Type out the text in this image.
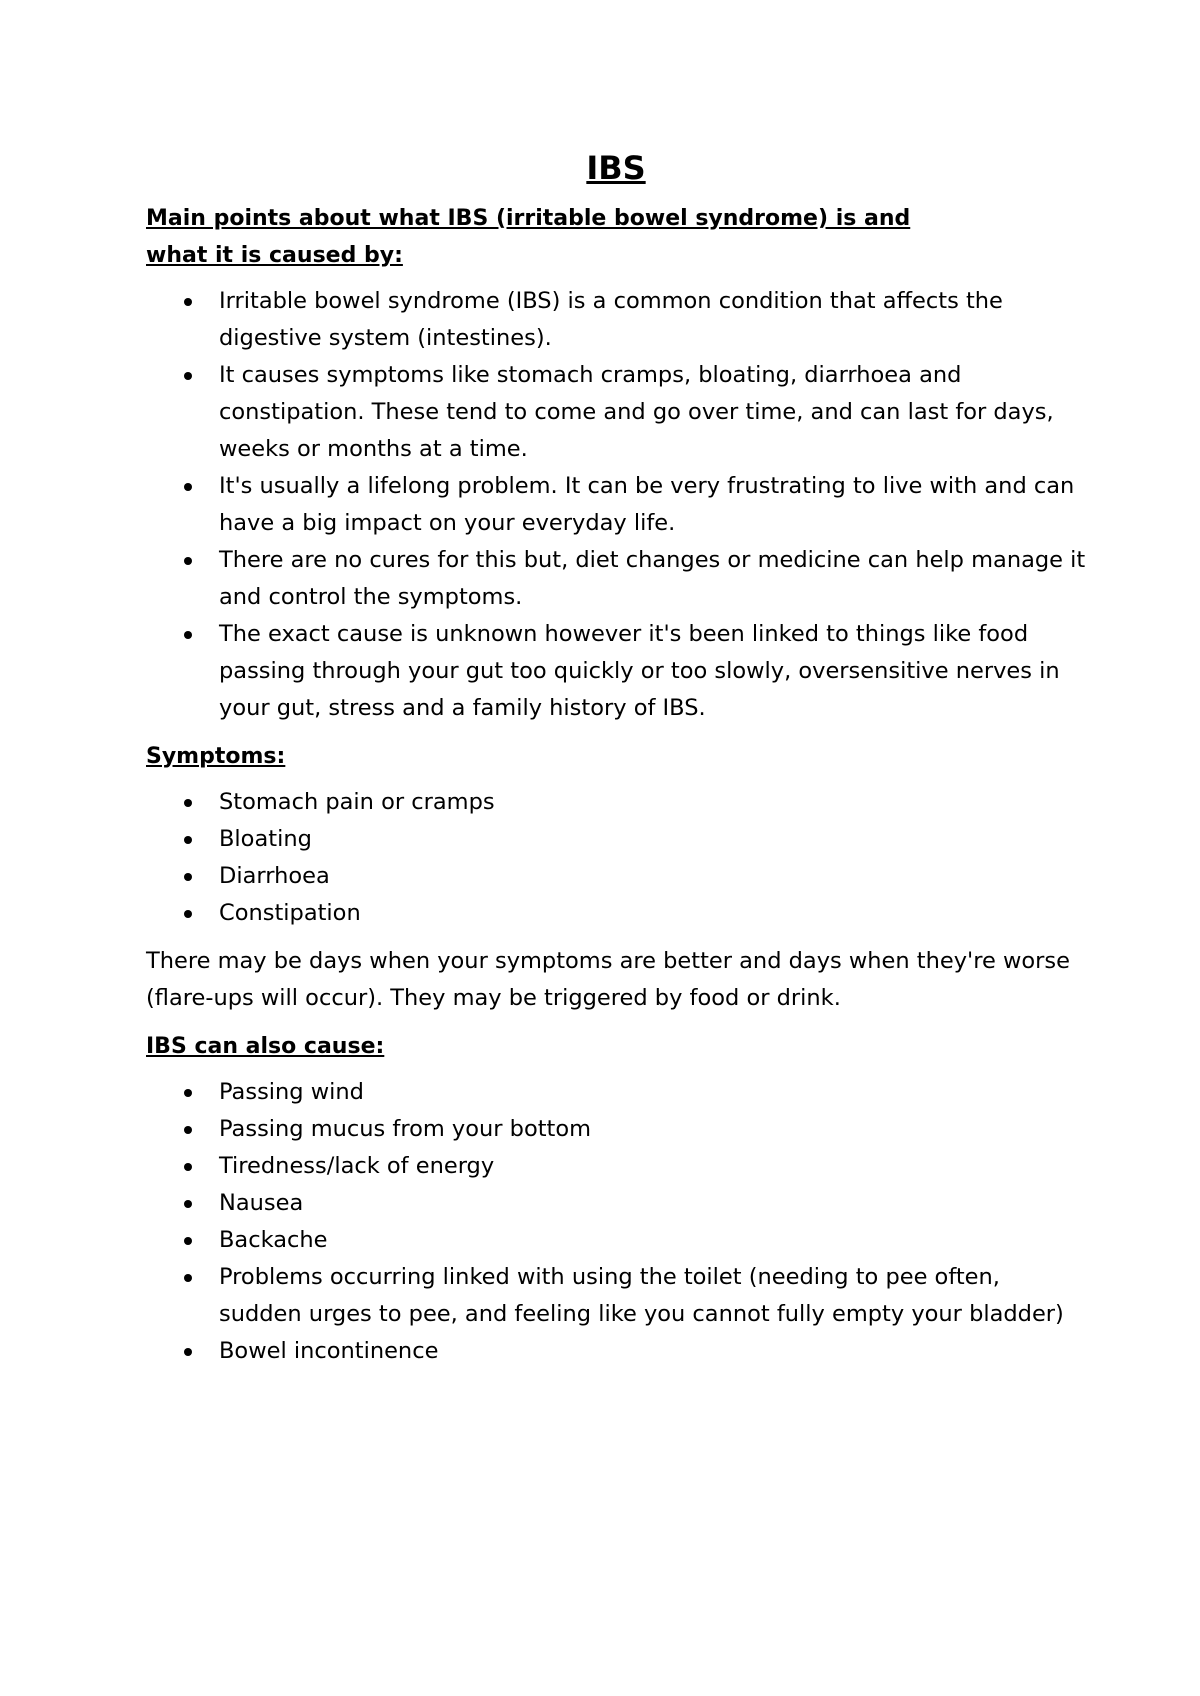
IBS

Main points about what IBS (irritable bowel syndrome) is and what it is caused by:

Irritable bowel syndrome (IBS) is a common condition that affects the digestive system (intestines).
It causes symptoms like stomach cramps, bloating, diarrhoea and constipation. These tend to come and go over time, and can last for days, weeks or months at a time.
It's usually a lifelong problem. It can be very frustrating to live with and can have a big impact on your everyday life.
There are no cures for this but, diet changes or medicine can help manage it and control the symptoms.
The exact cause is unknown however it's been linked to things like food passing through your gut too quickly or too slowly, oversensitive nerves in your gut, stress and a family history of IBS.

Symptoms:

Stomach pain or cramps
Bloating
Diarrhoea
Constipation

There may be days when your symptoms are better and days when they're worse (flare-ups will occur). They may be triggered by food or drink.

IBS can also cause:

Passing wind
Passing mucus from your bottom
Tiredness/lack of energy
Nausea
Backache
Problems occurring linked with using the toilet (needing to pee often, sudden urges to pee, and feeling like you cannot fully empty your bladder)
Bowel incontinence
